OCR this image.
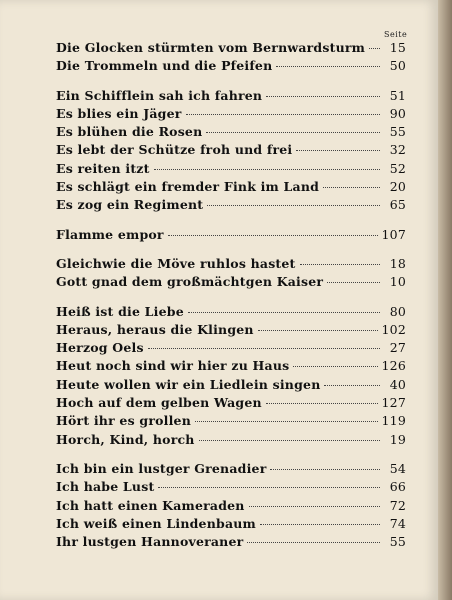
Seite
Die Glocken stürmten vom Bernwardsturm	15
Die Trommeln und die Pfeifen	50
Ein Schifflein sah ich fahren	51
Es blies ein Jäger	90
Es blühen die Rosen	55
Es lebt der Schütze froh und frei	32
Es reiten itzt	52
Es schlägt ein fremder Fink im Land	20
Es zog ein Regiment	65
Flamme empor	107
Gleichwie die Möve ruhlos hastet	18
Gott gnad dem großmächtgen Kaiser	10
Heiß ist die Liebe	80
Heraus, heraus die Klingen	102
Herzog Oels	27
Heut noch sind wir hier zu Haus	126
Heute wollen wir ein Liedlein singen	40
Hoch auf dem gelben Wagen	127
Hört ihr es grollen	119
Horch, Kind, horch	19
Ich bin ein lustger Grenadier	54
Ich habe Lust	66
Ich hatt einen Kameraden	72
Ich weiß einen Lindenbaum	74
Ihr lustgen Hannoveraner	55
